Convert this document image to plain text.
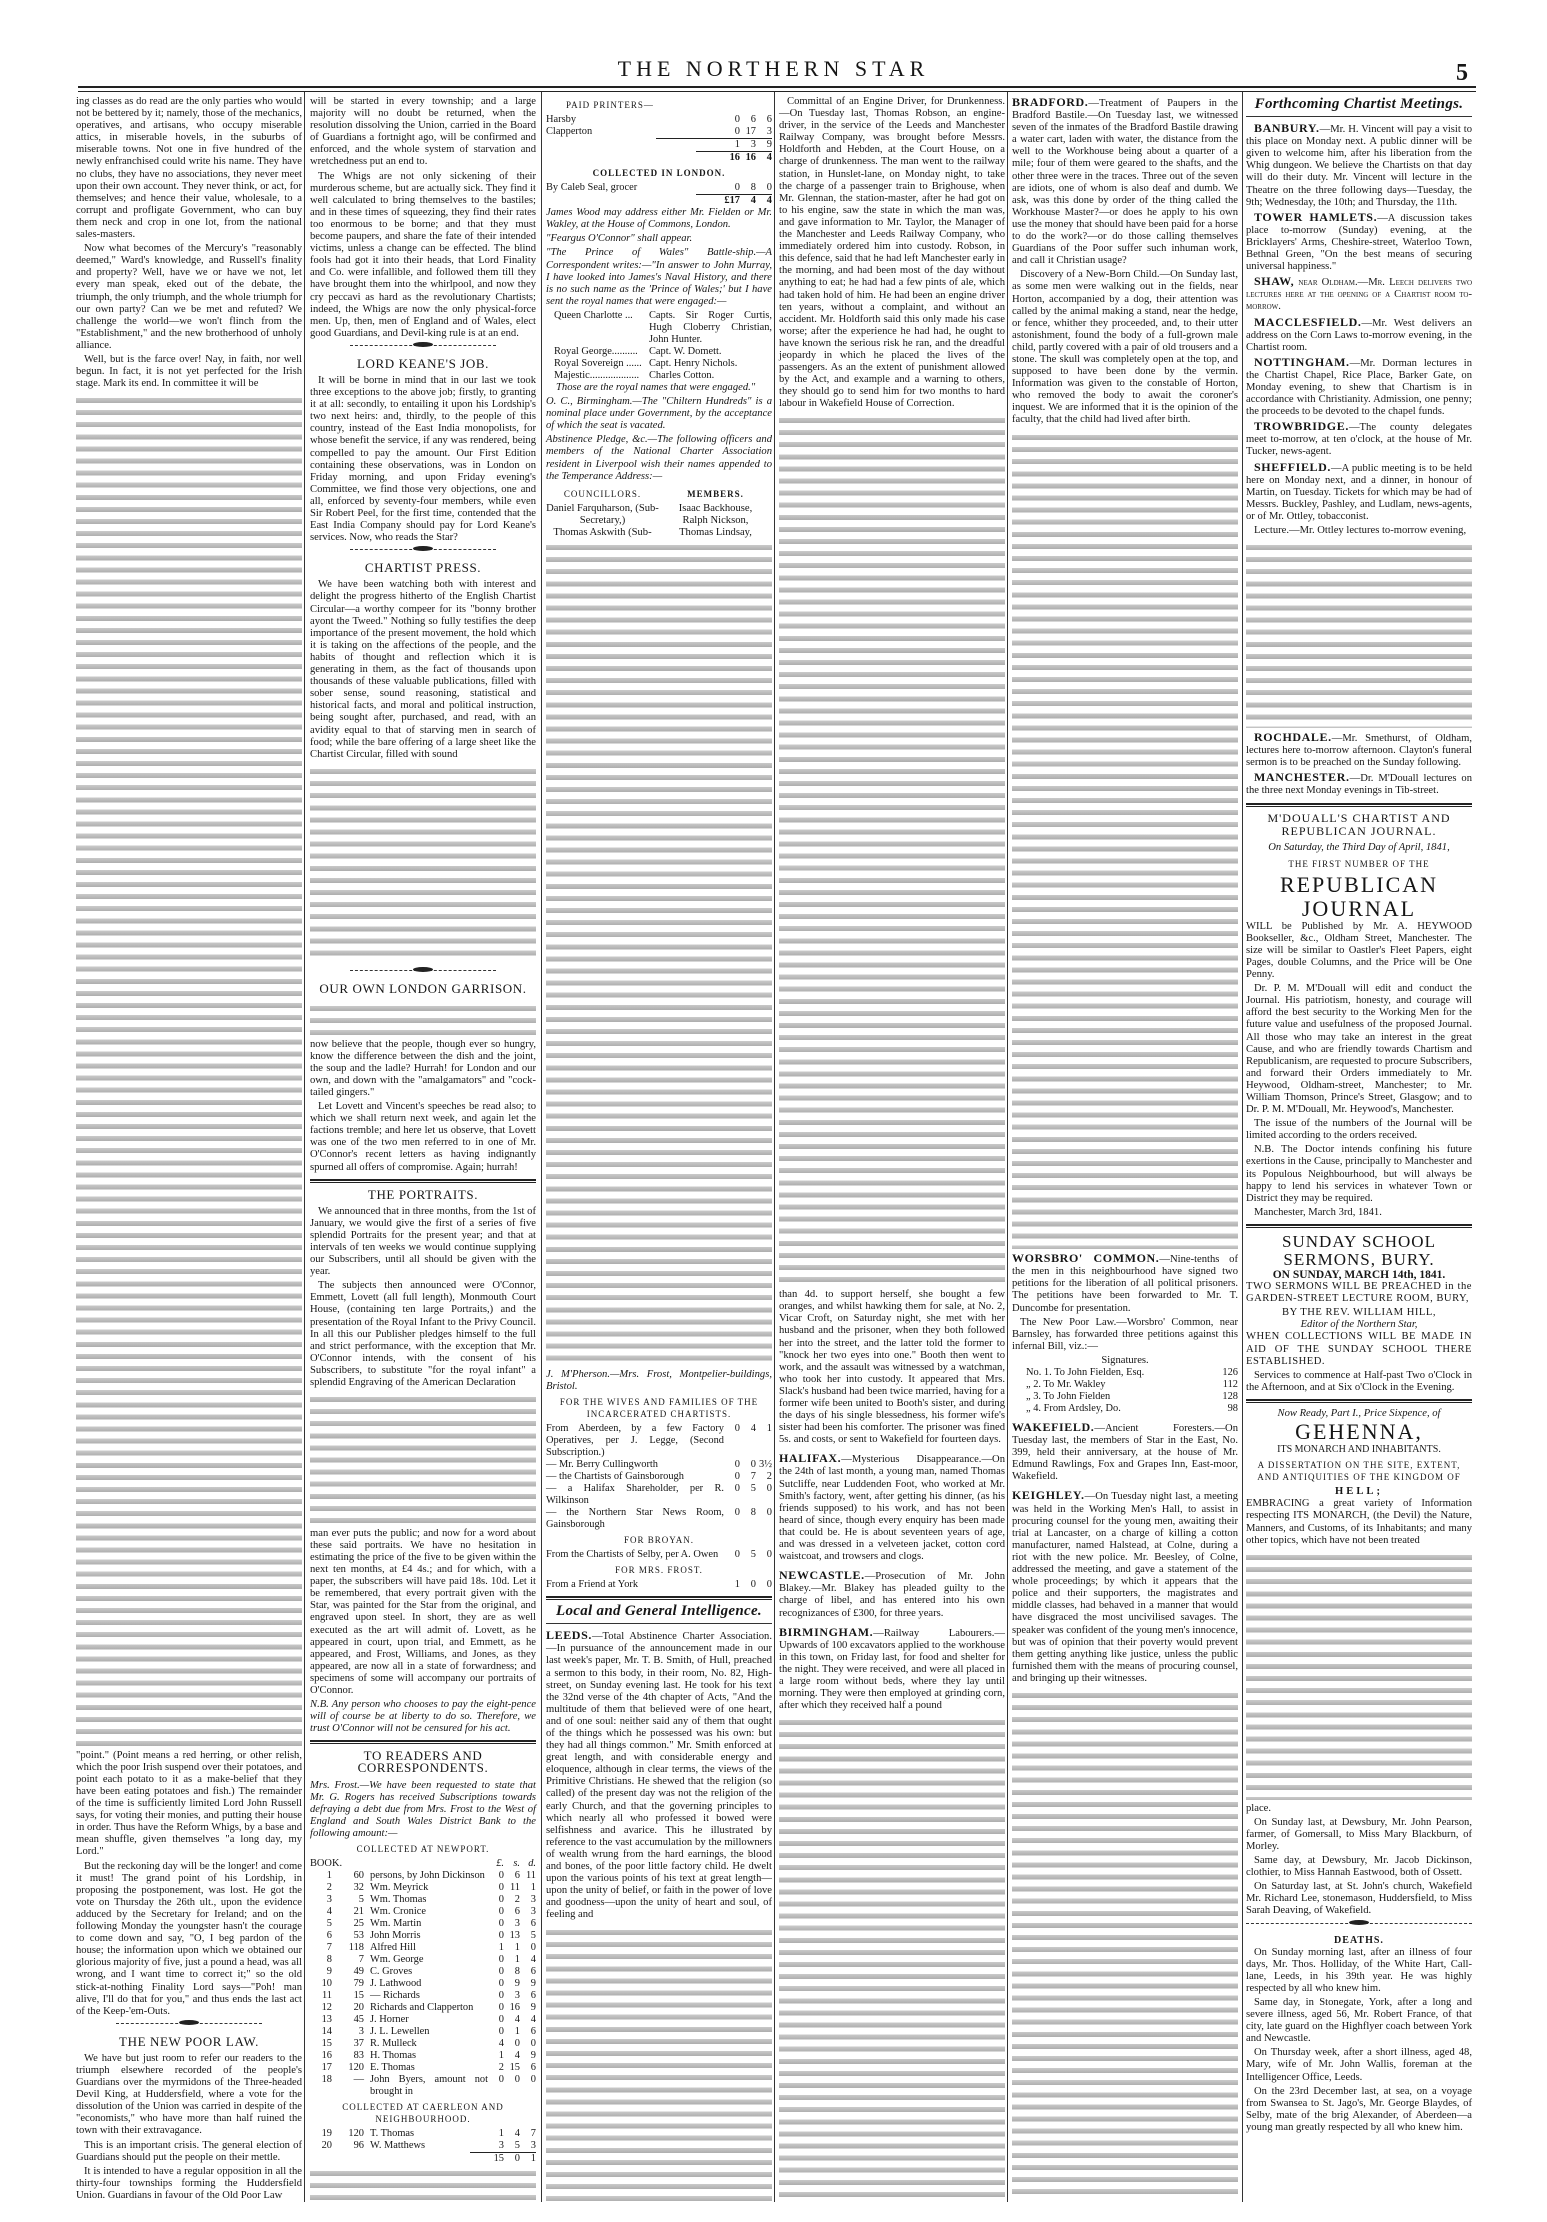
THE NORTHERN STAR	5

ing classes as do read are the only parties who would not be bettered by it; namely, those of the mechanics, operatives, and artisans, who occupy miserable attics, in miserable hovels, in the suburbs of miserable towns. Not one in five hundred of the newly enfranchised could write his name. They have no clubs, they have no associations, they never meet upon their own account. They never think, or act, for themselves; and hence their value, wholesale, to a corrupt and profligate Government, who can buy them neck and crop in one lot, from the national sales-masters.

Now what becomes of the Mercury's "reasonably deemed," Ward's knowledge, and Russell's finality and property? Well, have we or have we not, let every man speak, eked out of the debate, the triumph, the only triumph, and the whole triumph for our own party? Can we be met and refuted? We challenge the world—we won't flinch from the "Establishment," and the new brotherhood of unholy alliance.

Well, but is the farce over! Nay, in faith, nor well begun. In fact, it is not yet perfected for the Irish stage. Mark its end. In committee it will be

"point." (Point means a red herring, or other relish, which the poor Irish suspend over their potatoes, and point each potato to it as a make-belief that they have been eating potatoes and fish.) The remainder of the time is sufficiently limited Lord John Russell says, for voting their monies, and putting their house in order. Thus have the Reform Whigs, by a base and mean shuffle, given themselves "a long day, my Lord."

But the reckoning day will be the longer! and come it must! The grand point of his Lordship, in proposing the postponement, was lost. He got the vote on Thursday the 26th ult., upon the evidence adduced by the Secretary for Ireland; and on the following Monday the youngster hasn't the courage to come down and say, "O, I beg pardon of the house; the information upon which we obtained our glorious majority of five, just a pound a head, was all wrong, and I want time to correct it;" so the old stick-at-nothing Finality Lord says—"Poh! man alive, I'll do that for you," and thus ends the last act of the Keep-'em-Outs.

THE NEW POOR LAW.

We have but just room to refer our readers to the triumph elsewhere recorded of the people's Guardians over the myrmidons of the Three-headed Devil King, at Huddersfield, where a vote for the dissolution of the Union was carried in despite of the "economists," who have more than half ruined the town with their extravagance.

This is an important crisis. The general election of Guardians should put the people on their mettle.

It is intended to have a regular opposition in all the thirty-four townships forming the Huddersfield Union. Guardians in favour of the Old Poor Law

will be started in every township; and a large majority will no doubt be returned, when the resolution dissolving the Union, carried in the Board of Guardians a fortnight ago, will be confirmed and enforced, and the whole system of starvation and wretchedness put an end to.

The Whigs are not only sickening of their murderous scheme, but are actually sick. They find it well calculated to bring themselves to the bastiles; and in these times of squeezing, they find their rates too enormous to be borne; and that they must become paupers, and share the fate of their intended victims, unless a change can be effected. The blind fools had got it into their heads, that Lord Finality and Co. were infallible, and followed them till they have brought them into the whirlpool, and now they cry peccavi as hard as the revolutionary Chartists; indeed, the Whigs are now the only physical-force men. Up, then, men of England and of Wales, elect good Guardians, and Devil-king rule is at an end.

LORD KEANE'S JOB.

It will be borne in mind that in our last we took three exceptions to the above job; firstly, to granting it at all: secondly, to entailing it upon his Lordship's two next heirs: and, thirdly, to the people of this country, instead of the East India monopolists, for whose benefit the service, if any was rendered, being compelled to pay the amount. Our First Edition containing these observations, was in London on Friday morning, and upon Friday evening's Committee, we find those very objections, one and all, enforced by seventy-four members, while even Sir Robert Peel, for the first time, contended that the East India Company should pay for Lord Keane's services. Now, who reads the Star?

CHARTIST PRESS.

We have been watching both with interest and delight the progress hitherto of the English Chartist Circular—a worthy compeer for its "bonny brother ayont the Tweed." Nothing so fully testifies the deep importance of the present movement, the hold which it is taking on the affections of the people, and the habits of thought and reflection which it is generating in them, as the fact of thousands upon thousands of these valuable publications, filled with sober sense, sound reasoning, statistical and historical facts, and moral and political instruction, being sought after, purchased, and read, with an avidity equal to that of starving men in search of food; while the bare offering of a large sheet like the Chartist Circular, filled with sound

OUR OWN LONDON GARRISON.

now believe that the people, though ever so hungry, know the difference between the dish and the joint, the soup and the ladle? Hurrah! for London and our own, and down with the "amalgamators" and "cock-tailed gingers."

Let Lovett and Vincent's speeches be read also; to which we shall return next week, and again let the factions tremble; and here let us observe, that Lovett was one of the two men referred to in one of Mr. O'Connor's recent letters as having indignantly spurned all offers of compromise. Again; hurrah!

THE PORTRAITS.

We announced that in three months, from the 1st of January, we would give the first of a series of five splendid Portraits for the present year; and that at intervals of ten weeks we would continue supplying our Subscribers, until all should be given with the year.

The subjects then announced were O'Connor, Emmett, Lovett (all full length), Monmouth Court House, (containing ten large Portraits,) and the presentation of the Royal Infant to the Privy Council. In all this our Publisher pledges himself to the full and strict performance, with the exception that Mr. O'Connor intends, with the consent of his Subscribers, to substitute "for the royal infant" a splendid Engraving of the American Declaration

man ever puts the public; and now for a word about these said portraits. We have no hesitation in estimating the price of the five to be given within the next ten months, at £4 4s.; and for which, with a paper, the subscribers will have paid 18s. 10d. Let it be remembered, that every portrait given with the Star, was painted for the Star from the original, and engraved upon steel. In short, they are as well executed as the art will admit of. Lovett, as he appeared in court, upon trial, and Emmett, as he appeared, and Frost, Williams, and Jones, as they appeared, are now all in a state of forwardness; and specimens of some will accompany our portraits of O'Connor.

N.B. Any person who chooses to pay the eight-pence will of course be at liberty to do so. Therefore, we trust O'Connor will not be censured for his act.

TO READERS AND CORRESPONDENTS.

Mrs. Frost.—We have been requested to state that Mr. G. Rogers has received Subscriptions towards defraying a debt due from Mrs. Frost to the West of England and South Wales District Bank to the following amount:—

COLLECTED AT NEWPORT.
BOOK.	£. s. d.
1	60 persons, by John Dickinson	0	6 11
2	32 Wm. Meyrick	0 11	1
3	5 Wm. Thomas	0	2	3
4	21 Wm. Cronice	0	6	3
5	25 Wm. Martin	0	3	6
6	53 John Morris	0 13	5
7	118 Alfred Hill	1	1	0
8	7 Wm. George	0	1	4
9	49 C. Groves	0	8	6
10	79 J. Lathwood	0	9	9
11	15 — Richards	0	3	6
12	20 Richards and Clapperton	0 16	9
13	45 J. Horner	0	4	4
14	3 J. L. Lewellen	0	1	6
15	37 R. Mulleck	4	0	0
16	83 H. Thomas	1	4	9
17	120 E. Thomas	2 15	6
18	— John Byers, amount not brought in
0	0	0
COLLECTED AT CAERLEON AND NEIGHBOURHOOD.
19	120 T. Thomas	1	4	7
20	96 W. Matthews	3	5	3
15	0	1
PAID PRINTERS—
Harsby	0	6	6
Clapperton	0 17	3
1	3	9
16 16	4
COLLECTED IN LONDON.
By Caleb Seal, grocer	0	8	0
£17	4	4

James Wood may address either Mr. Fielden or Mr. Wakley, at the House of Commons, London.

"Feargus O'Connor" shall appear.

"The Prince of Wales" Battle-ship.—A Correspondent writes:—"In answer to John Murray, I have looked into James's Naval History, and there is no such name as the 'Prince of Wales;' but I have sent the royal names that were engaged:—

Queen Charlotte ...	Capts. Sir Roger Curtis, Hugh Cloberry Christian, John Hunter.
Royal George..........	Capt. W. Domett.
Royal Sovereign ...... Capt. Henry Nichols.
Majestic................... Charles Cotton.

Those are the royal names that were engaged."

O. C., Birmingham.—The "Chiltern Hundreds" is a nominal place under Government, by the acceptance of which the seat is vacated.

Abstinence Pledge, &c.—The following officers and members of the National Charter Association resident in Liverpool wish their names appended to the Temperance Address:—

COUNCILLORS.
Daniel Farquharson, (Sub-Secretary,)
Thomas Askwith (Sub-
MEMBERS.
Isaac Backhouse,
Ralph Nickson,
Thomas Lindsay,

J. M'Pherson.—Mrs. Frost, Montpelier-buildings, Bristol.

FOR THE WIVES AND FAMILIES OF THE INCARCERATED CHARTISTS.
From Aberdeen, by a few Factory Operatives, per J. Legge, (Second Subscription.)
0	4	1
— Mr. Berry Cullingworth	0	0 3½
— the Chartists of Gainsborough	0	7	2
— a Halifax Shareholder, per R. Wilkinson
0	5	0
— the Northern Star News Room, Gainsborough
0	8	0
FOR BROYAN.
From the Chartists of Selby, per A. Owen	0	5	0
FOR MRS. FROST.
From a Friend at York	1	0	0
Local and General Intelligence.

LEEDS.—Total Abstinence Charter Association.—In pursuance of the announcement made in our last week's paper, Mr. T. B. Smith, of Hull, preached a sermon to this body, in their room, No. 82, High-street, on Sunday evening last. He took for his text the 32nd verse of the 4th chapter of Acts, "And the multitude of them that believed were of one heart, and of one soul: neither said any of them that ought of the things which he possessed was his own: but they had all things common." Mr. Smith enforced at great length, and with considerable energy and eloquence, although in clear terms, the views of the Primitive Christians. He shewed that the religion (so called) of the present day was not the religion of the early Church, and that the governing principles to which nearly all who professed it bowed were selfishness and avarice. This he illustrated by reference to the vast accumulation by the millowners of wealth wrung from the hard earnings, the blood and bones, of the poor little factory child. He dwelt upon the various points of his text at great length—upon the unity of belief, or faith in the power of love and goodness—upon the unity of heart and soul, of feeling and

Committal of an Engine Driver, for Drunkenness.—On Tuesday last, Thomas Robson, an engine-driver, in the service of the Leeds and Manchester Railway Company, was brought before Messrs. Holdforth and Hebden, at the Court House, on a charge of drunkenness. The man went to the railway station, in Hunslet-lane, on Monday night, to take the charge of a passenger train to Brighouse, when Mr. Glennan, the station-master, after he had got on to his engine, saw the state in which the man was, and gave information to Mr. Taylor, the Manager of the Manchester and Leeds Railway Company, who immediately ordered him into custody. Robson, in this defence, said that he had left Manchester early in the morning, and had been most of the day without anything to eat; he had had a few pints of ale, which had taken hold of him. He had been an engine driver ten years, without a complaint, and without an accident. Mr. Holdforth said this only made his case worse; after the experience he had had, he ought to have known the serious risk he ran, and the dreadful jeopardy in which he placed the lives of the passengers. As an the extent of punishment allowed by the Act, and example and a warning to others, they should go to send him for two months to hard labour in Wakefield House of Correction.

than 4d. to support herself, she bought a few oranges, and whilst hawking them for sale, at No. 2, Vicar Croft, on Saturday night, she met with her husband and the prisoner, when they both followed her into the street, and the latter told the former to "knock her two eyes into one." Booth then went to work, and the assault was witnessed by a watchman, who took her into custody. It appeared that Mrs. Slack's husband had been twice married, having for a former wife been united to Booth's sister, and during the days of his single blessedness, his former wife's sister had been his comforter. The prisoner was fined 5s. and costs, or sent to Wakefield for fourteen days.

HALIFAX.—Mysterious Disappearance.—On the 24th of last month, a young man, named Thomas Sutcliffe, near Luddenden Foot, who worked at Mr. Smith's factory, went, after getting his dinner, (as his friends supposed) to his work, and has not been heard of since, though every enquiry has been made that could be. He is about seventeen years of age, and was dressed in a velveteen jacket, cotton cord waistcoat, and trowsers and clogs.

NEWCASTLE.—Prosecution of Mr. John Blakey.—Mr. Blakey has pleaded guilty to the charge of libel, and has entered into his own recognizances of £300, for three years.

BIRMINGHAM.—Railway Labourers.—Upwards of 100 excavators applied to the workhouse in this town, on Friday last, for food and shelter for the night. They were received, and were all placed in a large room without beds, where they lay until morning. They were then employed at grinding corn, after which they received half a pound

BRADFORD.—Treatment of Paupers in the Bradford Bastile.—On Tuesday last, we witnessed seven of the inmates of the Bradford Bastile drawing a water cart, laden with water, the distance from the well to the Workhouse being about a quarter of a mile; four of them were geared to the shafts, and the other three were in the traces. Three out of the seven are idiots, one of whom is also deaf and dumb. We ask, was this done by order of the thing called the Workhouse Master?—or does he apply to his own use the money that should have been paid for a horse to do the work?—or do those calling themselves Guardians of the Poor suffer such inhuman work, and call it Christian usage?

Discovery of a New-Born Child.—On Sunday last, as some men were walking out in the fields, near Horton, accompanied by a dog, their attention was called by the animal making a stand, near the hedge, or fence, whither they proceeded, and, to their utter astonishment, found the body of a full-grown male child, partly covered with a pair of old trousers and a stone. The skull was completely open at the top, and supposed to have been done by the vermin. Information was given to the constable of Horton, who removed the body to await the coroner's inquest. We are informed that it is the opinion of the faculty, that the child had lived after birth.

WORSBRO' COMMON.—Nine-tenths of the men in this neighbourhood have signed two petitions for the liberation of all political prisoners. The petitions have been forwarded to Mr. T. Duncombe for presentation.

The New Poor Law.—Worsbro' Common, near Barnsley, has forwarded three petitions against this infernal Bill, viz.:—

Signatures.
No. 1. To John Fielden, Esq.	126
„ 2. To Mr. Wakley	112
„ 3. To John Fielden	128
„ 4. From Ardsley, Do.	98

WAKEFIELD.—Ancient Foresters.—On Tuesday last, the members of Star in the East, No. 399, held their anniversary, at the house of Mr. Edmund Rawlings, Fox and Grapes Inn, East-moor, Wakefield.

KEIGHLEY.—On Tuesday night last, a meeting was held in the Working Men's Hall, to assist in procuring counsel for the young men, awaiting their trial at Lancaster, on a charge of killing a cotton manufacturer, named Halstead, at Colne, during a riot with the new police. Mr. Beesley, of Colne, addressed the meeting, and gave a statement of the whole proceedings; by which it appears that the police and their supporters, the magistrates and middle classes, had behaved in a manner that would have disgraced the most uncivilised savages. The speaker was confident of the young men's innocence, but was of opinion that their poverty would prevent them getting anything like justice, unless the public furnished them with the means of procuring counsel, and bringing up their witnesses.

Forthcoming Chartist Meetings.

BANBURY.—Mr. H. Vincent will pay a visit to this place on Monday next. A public dinner will be given to welcome him, after his liberation from the Whig dungeon. We believe the Chartists on that day will do their duty. Mr. Vincent will lecture in the Theatre on the three following days—Tuesday, the 9th; Wednesday, the 10th; and Thursday, the 11th.

TOWER HAMLETS.—A discussion takes place to-morrow (Sunday) evening, at the Bricklayers' Arms, Cheshire-street, Waterloo Town, Bethnal Green, "On the best means of securing universal happiness."

SHAW, near Oldham.—Mr. Leech delivers two lectures here at the opening of a Chartist room to-morrow.

MACCLESFIELD.—Mr. West delivers an address on the Corn Laws to-morrow evening, in the Chartist room.

NOTTINGHAM.—Mr. Dorman lectures in the Chartist Chapel, Rice Place, Barker Gate, on Monday evening, to shew that Chartism is in accordance with Christianity. Admission, one penny; the proceeds to be devoted to the chapel funds.

TROWBRIDGE.—The county delegates meet to-morrow, at ten o'clock, at the house of Mr. Tucker, news-agent.

SHEFFIELD.—A public meeting is to be held here on Monday next, and a dinner, in honour of Martin, on Tuesday. Tickets for which may be had of Messrs. Buckley, Pashley, and Ludlam, news-agents, or of Mr. Ottley, tobacconist.

Lecture.—Mr. Ottley lectures to-morrow evening,

ROCHDALE.—Mr. Smethurst, of Oldham, lectures here to-morrow afternoon. Clayton's funeral sermon is to be preached on the Sunday following.

MANCHESTER.—Dr. M'Douall lectures on the three next Monday evenings in Tib-street.

M'DOUALL'S CHARTIST AND REPUBLICAN JOURNAL.
On Saturday, the Third Day of April, 1841,
THE FIRST NUMBER OF THE
REPUBLICAN JOURNAL

WILL be Published by Mr. A. HEYWOOD Bookseller, &c., Oldham Street, Manchester. The size will be similar to Oastler's Fleet Papers, eight Pages, double Columns, and the Price will be One Penny.

Dr. P. M. M'Douall will edit and conduct the Journal. His patriotism, honesty, and courage will afford the best security to the Working Men for the future value and usefulness of the proposed Journal. All those who may take an interest in the great Cause, and who are friendly towards Chartism and Republicanism, are requested to procure Subscribers, and forward their Orders immediately to Mr. Heywood, Oldham-street, Manchester; to Mr. William Thomson, Prince's Street, Glasgow; and to Dr. P. M. M'Douall, Mr. Heywood's, Manchester.

The issue of the numbers of the Journal will be limited according to the orders received.

N.B. The Doctor intends confining his future exertions in the Cause, principally to Manchester and its Populous Neighbourhood, but will always be happy to lend his services in whatever Town or District they may be required.

Manchester, March 3rd, 1841.

SUNDAY SCHOOL SERMONS, BURY.
ON SUNDAY, MARCH 14th, 1841.

TWO SERMONS WILL BE PREACHED in the GARDEN-STREET LECTURE ROOM, BURY,

BY THE REV. WILLIAM HILL,
Editor of the Northern Star,

WHEN COLLECTIONS WILL BE MADE IN AID OF THE SUNDAY SCHOOL THERE ESTABLISHED.

Services to commence at Half-past Two o'Clock in the Afternoon, and at Six o'Clock in the Evening.

Now Ready, Part I., Price Sixpence, of
GEHENNA,
ITS MONARCH AND INHABITANTS.
A DISSERTATION ON THE SITE, EXTENT, AND ANTIQUITIES OF THE KINGDOM OF
HELL;

EMBRACING a great variety of Information respecting ITS MONARCH, (the Devil) the Nature, Manners, and Customs, of its Inhabitants; and many other topics, which have not been treated

place.

On Sunday last, at Dewsbury, Mr. John Pearson, farmer, of Gomersall, to Miss Mary Blackburn, of Morley.

Same day, at Dewsbury, Mr. Jacob Dickinson, clothier, to Miss Hannah Eastwood, both of Ossett.

On Saturday last, at St. John's church, Wakefield Mr. Richard Lee, stonemason, Huddersfield, to Miss Sarah Deaving, of Wakefield.

DEATHS.

On Sunday morning last, after an illness of four days, Mr. Thos. Holliday, of the White Hart, Call-lane, Leeds, in his 39th year. He was highly respected by all who knew him.

Same day, in Stonegate, York, after a long and severe illness, aged 56, Mr. Robert France, of that city, late guard on the Highflyer coach between York and Newcastle.

On Thursday week, after a short illness, aged 48, Mary, wife of Mr. John Wallis, foreman at the Intelligencer Office, Leeds.

On the 23rd December last, at sea, on a voyage from Swansea to St. Jago's, Mr. George Blaydes, of Selby, mate of the brig Alexander, of Aberdeen—a young man greatly respected by all who knew him.
